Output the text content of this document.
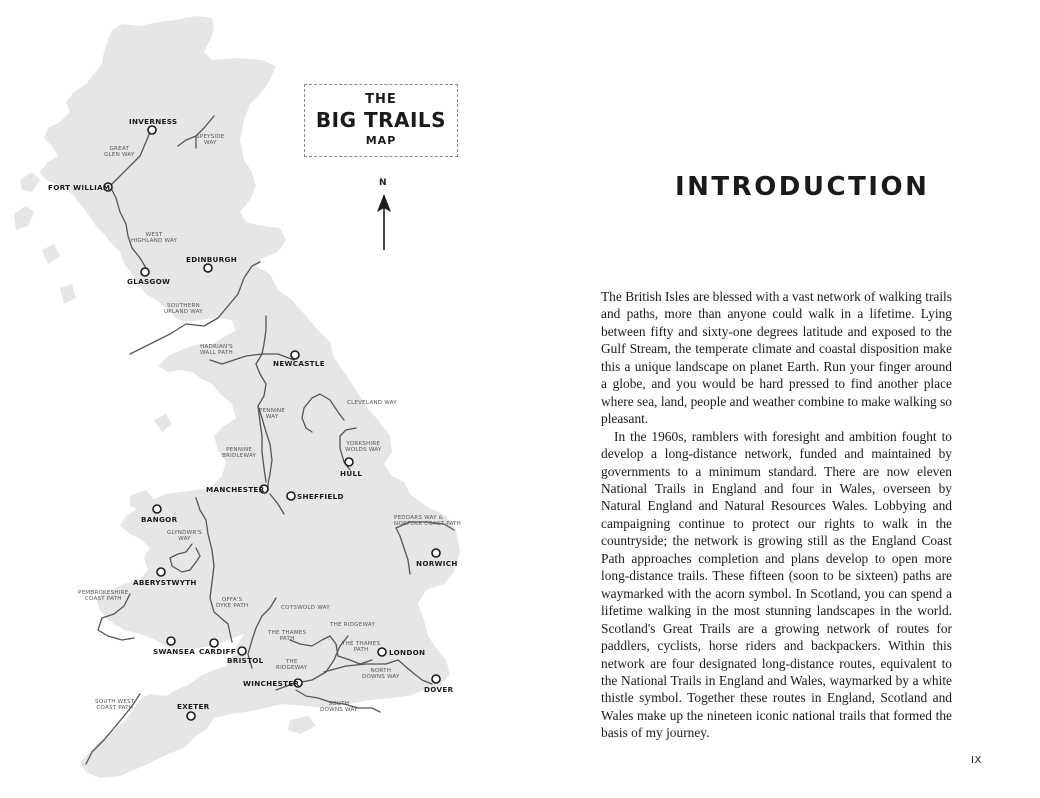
THE
BIG TRAILS
MAP
N
INVERNESS
FORT WILLIAM
GLASGOW
EDINBURGH
NEWCASTLE
HULL
MANCHESTER
SHEFFIELD
BANGOR
NORWICH
ABERYSTWYTH
SWANSEA CARDIFF
BRISTOL
LONDON
WINCHESTER
DOVER
EXETER
SPEYSIDE
WAY
GREAT
GLEN WAY
WEST
HIGHLAND WAY
SOUTHERN
UPLAND WAY
HADRIAN'S
WALL PATH
CLEVELAND WAY
PENNINE
WAY
YORKSHIRE
WOLDS WAY
PENNINE
BRIDLEWAY
PEDDARS WAY &
NORFOLK COAST PATH
GLYNDWR'S
WAY
PEMBROKESHIRE
COAST PATH	OFFA'S
DYKE PATH	COTSWOLD WAY
THE RIDGEWAY
THE THAMES
PATH
THE THAMES
PATH
THE
RIDGEWAY	NORTH
DOWNS WAY
SOUTH WEST
COAST PATH
SOUTH
DOWNS WAY
INTRODUCTION

The British Isles are blessed with a vast network of walking trails and paths, more than anyone could walk in a lifetime. Lying between fifty and sixty-one degrees latitude and exposed to the Gulf Stream, the temperate climate and coastal disposition make this a unique landscape on planet Earth. Run your finger around a globe, and you would be hard pressed to find another place where sea, land, people and weather combine to make walking so pleasant.

In the 1960s, ramblers with foresight and ambition fought to develop a long-distance network, funded and maintained by governments to a minimum standard. There are now eleven National Trails in England and four in Wales, overseen by Natural England and Natural Resources Wales. Lobbying and campaigning continue to protect our rights to walk in the countryside; the network is growing still as the England Coast Path approaches completion and plans develop to open more long-distance trails. These fifteen (soon to be sixteen) paths are waymarked with the acorn symbol. In Scotland, you can spend a lifetime walking in the most stunning landscapes in the world. Scotland's Great Trails are a growing network of routes for paddlers, cyclists, horse riders and backpackers. Within this network are four designated long-distance routes, equivalent to the National Trails in England and Wales, waymarked by a white thistle symbol. Together these routes in England, Scotland and Wales make up the nineteen iconic national trails that formed the basis of my journey.

IX
